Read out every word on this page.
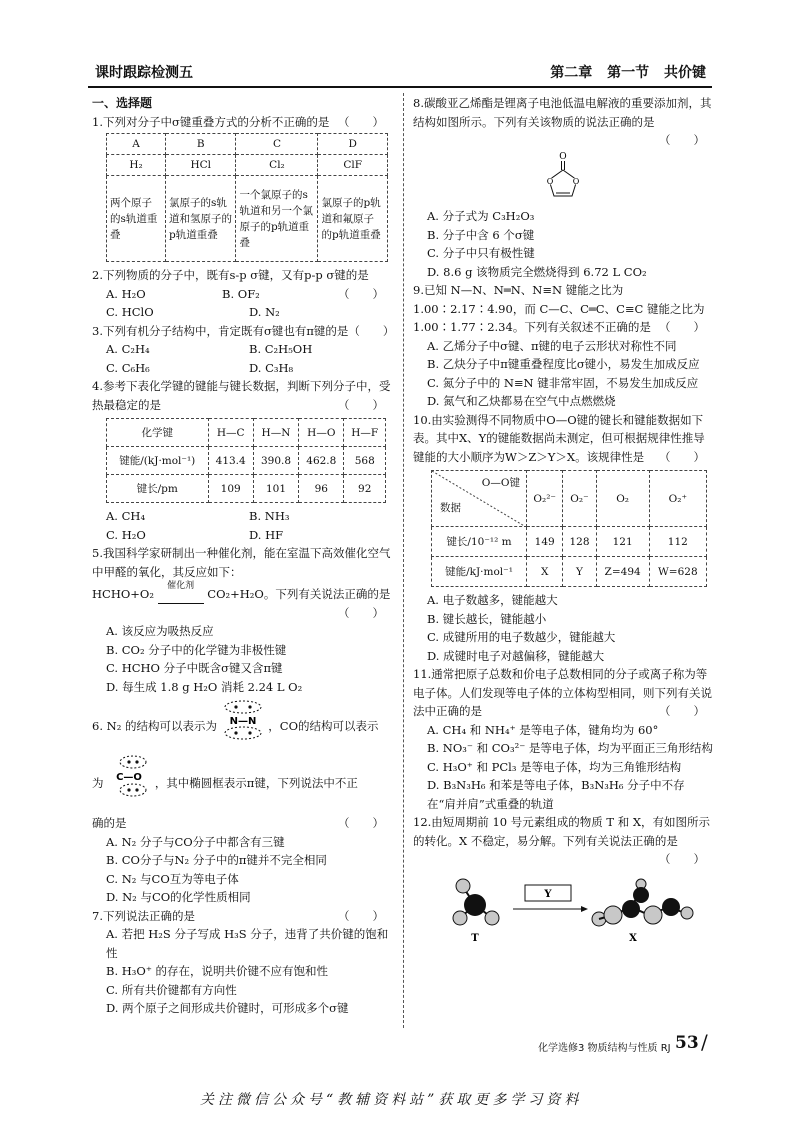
课时跟踪检测五	第二章 第一节 共价键

一、选择题

1.下列对分子中σ键重叠方式的分析不正确的是 （　　）

A	B	C	D
H₂	HCl	Cl₂	ClF
两个原子的s轨道重叠	氯原子的s轨道和氢原子的p轨道重叠	一个氯原子的s轨道和另一个氯原子的p轨道重叠	氯原子的p轨道和氟原子的p轨道重叠

2.下列物质的分子中，既有s-p σ键，又有p-p σ键的是
（　　）

A. H₂O	B. OF₂
C. HClO	D. N₂

3.下列有机分子结构中，肯定既有σ键也有π键的是（　　）

A. C₂H₄	B. C₂H₅OH
C. C₆H₆	D. C₃H₈

4.参考下表化学键的键能与键长数据，判断下列分子中，受热最稳定的是	（　　）

化学键	H—C	H—N	H—O	H—F
键能/(kJ·mol⁻¹)	413.4	390.8	462.8	568
键长/pm	109	101	96	92
A. CH₄	B. NH₃
C. H₂O	D. HF

5.我国科学家研制出一种催化剂，能在室温下高效催化空气中甲醛的氧化，其反应如下：

HCHO+O₂
催化剂
CO₂+H₂O。下列有关说法正确的是

（　　）

A. 该反应为吸热反应

B. CO₂ 分子中的化学键为非极性键

C. HCHO 分子中既含σ键又含π键

D. 每生成 1.8 g H₂O 消耗 2.24 L O₂

6. N₂ 的结构可以表示为 N—N ，CO的结构可以表示

为 C—O ，其中椭圆框表示π键，下列说法中不正

确的是	（　　）

A. N₂ 分子与CO分子中都含有三键

B. CO分子与N₂ 分子中的π键并不完全相同

C. N₂ 与CO互为等电子体

D. N₂ 与CO的化学性质相同

7.下列说法正确的是	（　　）

A. 若把 H₂S 分子写成 H₃S 分子，违背了共价键的饱和性

B. H₃O⁺ 的存在，说明共价键不应有饱和性

C. 所有共价键都有方向性

D. 两个原子之间形成共价键时，可形成多个σ键

8.碳酸亚乙烯酯是锂离子电池低温电解液的重要添加剂，其结构如图所示。下列有关该物质的说法正确的是

（　　）

O
O
O

A. 分子式为 C₃H₂O₃

B. 分子中含 6 个σ键

C. 分子中只有极性键

D. 8.6 g 该物质完全燃烧得到 6.72 L CO₂

9.已知 N—N、N═N、N≡N 键能之比为 1.00∶2.17∶4.90，而 C—C、C═C、C≡C 键能之比为 1.00∶1.77∶2.34。下列有关叙述不正确的是 （　　）

A. 乙烯分子中σ键、π键的电子云形状对称性不同

B. 乙炔分子中π键重叠程度比σ键小，易发生加成反应

C. 氮分子中的 N≡N 键非常牢固，不易发生加成反应

D. 氮气和乙炔都易在空气中点燃燃烧

10.由实验测得不同物质中O—O键的键长和键能数据如下表。其中X、Y的键能数据尚未测定，但可根据规律性推导键能的大小顺序为W＞Z＞Y＞X。该规律性是 （　　）

O—O键
数据	O₂²⁻	O₂⁻	O₂	O₂⁺
键长/10⁻¹² m	149	128	121	112
键能/kJ·mol⁻¹	X	Y	Z=494	W=628

A. 电子数越多，键能越大

B. 键长越长，键能越小

C. 成键所用的电子数越少，键能越大

D. 成键时电子对越偏移，键能越大

11.通常把原子总数和价电子总数相同的分子或离子称为等电子体。人们发现等电子体的立体构型相同，则下列有关说法中正确的是	（　　）

A. CH₄ 和 NH₄⁺ 是等电子体，键角均为 60°

B. NO₃⁻ 和 CO₃²⁻ 是等电子体，均为平面正三角形结构

C. H₃O⁺ 和 PCl₃ 是等电子体，均为三角锥形结构

D. B₃N₃H₆ 和苯是等电子体，B₃N₃H₆ 分子中不存在“肩并肩”式重叠的轨道

12.由短周期前 10 号元素组成的物质 T 和 X，有如图所示的转化。X 不稳定，易分解。下列有关说法正确的是
（　　）

T
Y
X
化学选修3 物质结构与性质 RJ 53 /
关注微信公众号“教辅资料站”获取更多学习资料
